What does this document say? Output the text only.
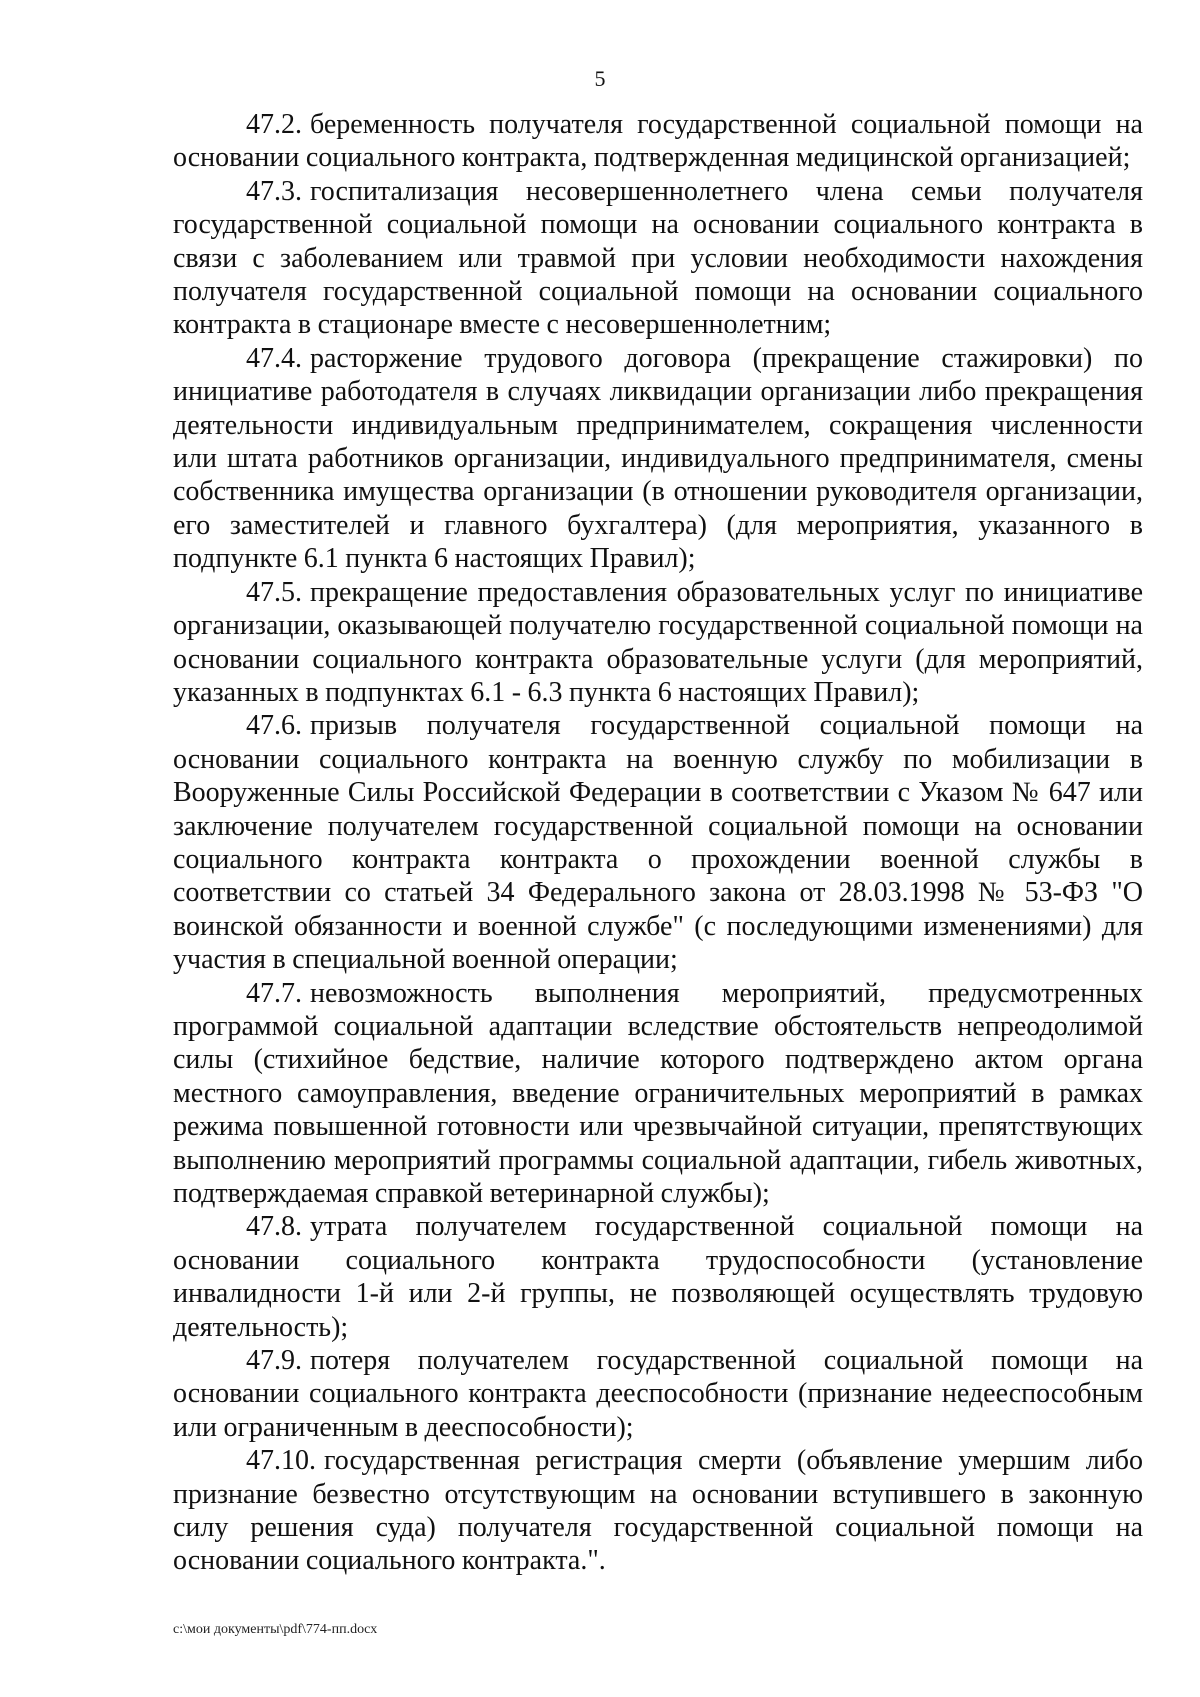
5

47.2. беременность получателя государственной социальной помощи на основании социального контракта, подтвержденная медицинской организацией;

47.3. госпитализация несовершеннолетнего члена семьи получателя государственной социальной помощи на основании социального контракта в связи с заболеванием или травмой при условии необходимости нахождения получателя государственной социальной помощи на основании социального контракта в стационаре вместе с несовершеннолетним;

47.4. расторжение трудового договора (прекращение стажировки) по инициативе работодателя в случаях ликвидации организации либо прекращения деятельности индивидуальным предпринимателем, сокращения численности или штата работников организации, индивидуального предпринимателя, смены собственника имущества организации (в отношении руководителя организации, его заместителей и главного бухгалтера) (для мероприятия, указанного в подпункте 6.1 пункта 6 настоящих Правил);

47.5. прекращение предоставления образовательных услуг по инициативе организации, оказывающей получателю государственной социальной помощи на основании социального контракта образовательные услуги (для мероприятий, указанных в подпунктах 6.1 - 6.3 пункта 6 настоящих Правил);

47.6. призыв получателя государственной социальной помощи на основании социального контракта на военную службу по мобилизации в Вооруженные Силы Российской Федерации в соответствии с Указом № 647 или заключение получателем государственной социальной помощи на основании социального контракта контракта о прохождении военной службы в соответствии со статьей 34 Федерального закона от 28.03.1998 № 53-ФЗ "О воинской обязанности и военной службе" (с последующими изменениями) для участия в специальной военной операции;

47.7. невозможность выполнения мероприятий, предусмотренных программой социальной адаптации вследствие обстоятельств непреодолимой силы (стихийное бедствие, наличие которого подтверждено актом органа местного самоуправления, введение ограничительных мероприятий в рамках режима повышенной готовности или чрезвычайной ситуации, препятствующих выполнению мероприятий программы социальной адаптации, гибель животных, подтверждаемая справкой ветеринарной службы);

47.8. утрата получателем государственной социальной помощи на основании социального контракта трудоспособности (установление инвалидности 1-й или 2-й группы, не позволяющей осуществлять трудовую деятельность);

47.9. потеря получателем государственной социальной помощи на основании социального контракта дееспособности (признание недееспособным или ограниченным в дееспособности);

47.10. государственная регистрация смерти (объявление умершим либо признание безвестно отсутствующим на основании вступившего в законную силу решения суда) получателя государственной социальной помощи на основании социального контракта.".

c:\мои документы\pdf\774-пп.docx
